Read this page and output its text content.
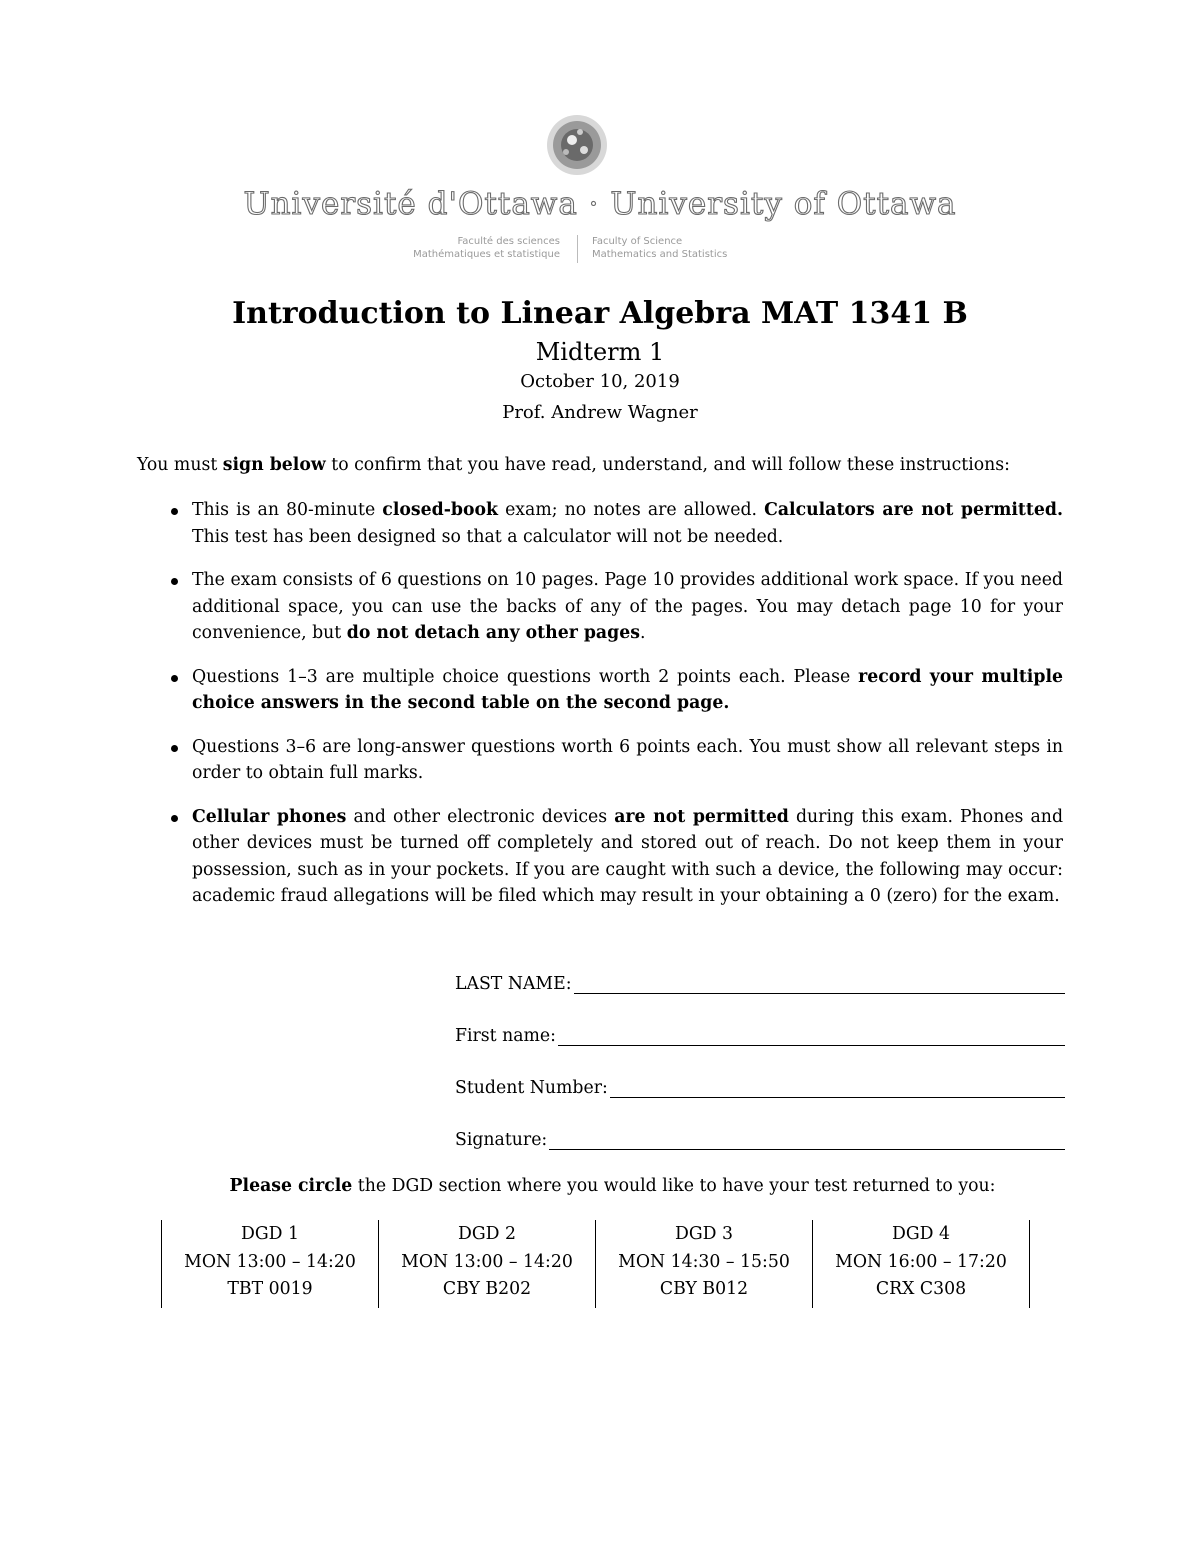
Université d'Ottawa · University of Ottawa
Faculté des sciences
Mathématiques et statistique
Faculty of Science
Mathematics and Statistics
Introduction to Linear Algebra MAT 1341 B
Midterm 1
October 10, 2019
Prof. Andrew Wagner
You must sign below to confirm that you have read, understand, and will follow these instructions:
This is an 80-minute closed-book exam; no notes are allowed. Calculators are not permitted. This test has been designed so that a calculator will not be needed.
The exam consists of 6 questions on 10 pages. Page 10 provides additional work space. If you need additional space, you can use the backs of any of the pages. You may detach page 10 for your convenience, but do not detach any other pages.
Questions 1–3 are multiple choice questions worth 2 points each. Please record your multiple choice answers in the second table on the second page.
Questions 3–6 are long-answer questions worth 6 points each. You must show all relevant steps in order to obtain full marks.
Cellular phones and other electronic devices are not permitted during this exam. Phones and other devices must be turned off completely and stored out of reach. Do not keep them in your possession, such as in your pockets. If you are caught with such a device, the following may occur: academic fraud allegations will be filed which may result in your obtaining a 0 (zero) for the exam.
LAST NAME:
First name:
Student Number:
Signature:
Please circle the DGD section where you would like to have your test returned to you:
DGD 1
MON 13:00 – 14:20
TBT 0019
DGD 2
MON 13:00 – 14:20
CBY B202
DGD 3
MON 14:30 – 15:50
CBY B012
DGD 4
MON 16:00 – 17:20
CRX C308
